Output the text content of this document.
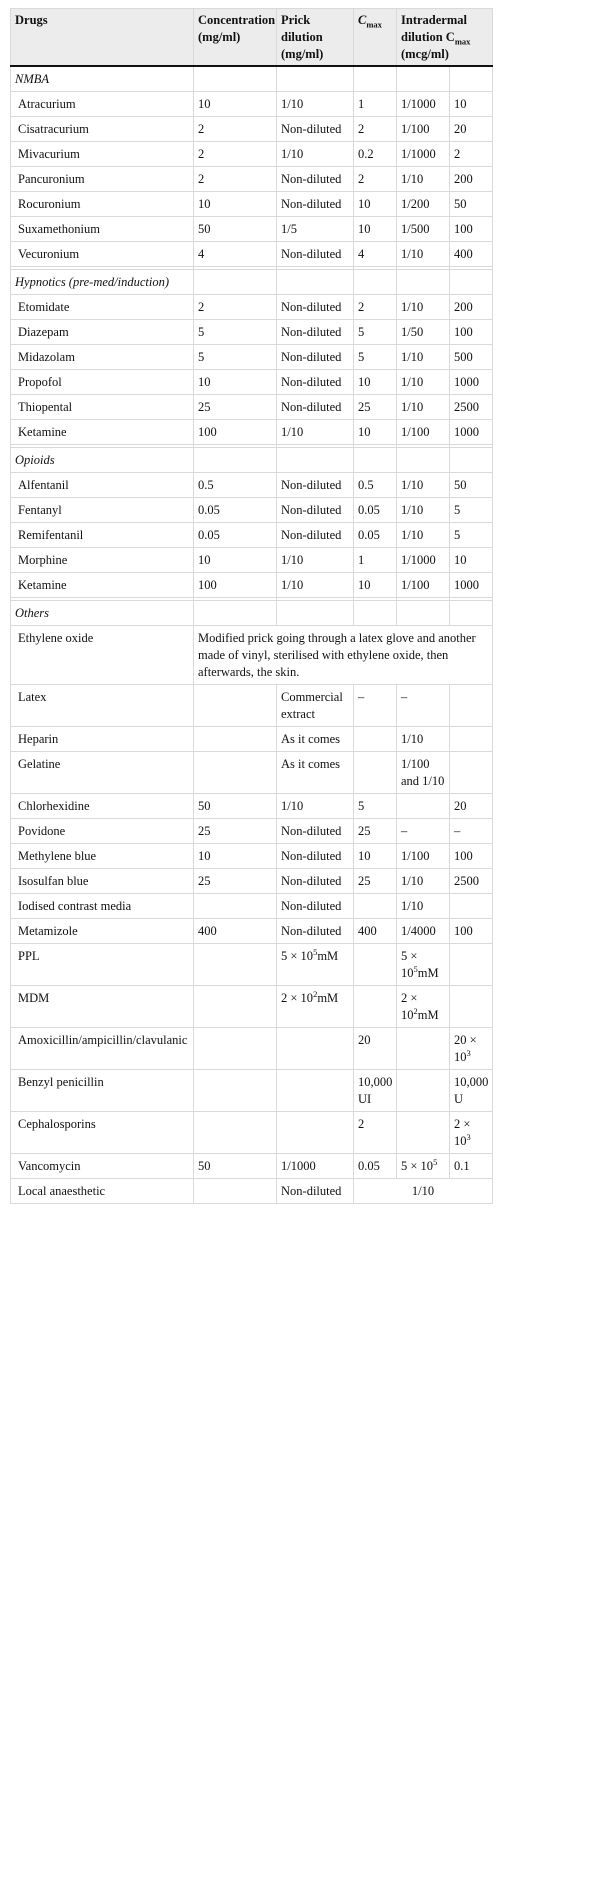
Drugs	Concentration (mg/ml)	Prick dilution (mg/ml)	$C_{max}$	Intradermal dilution $C_{max}$
(mcg/ml)	
NMBA					
Atracurium	10	1/10	1	1/1000	10
Cisatracurium	2	Non-diluted	2	1/100	20
Mivacurium	2	1/10	0.2	1/1000	2
Pancuronium	2	Non-diluted	2	1/10	200
Rocuronium	10	Non-diluted	10	1/200	50
Suxamethonium	50	1/5	10	1/500	100
Vecuronium	4	Non-diluted	4	1/10	400

Hypnotics (pre-med/induction)					
Etomidate	2	Non-diluted	2	1/10	200
Diazepam	5	Non-diluted	5	1/50	100
Midazolam	5	Non-diluted	5	1/10	500
Propofol	10	Non-diluted	10	1/10	1000
Thiopental	25	Non-diluted	25	1/10	2500
Ketamine	100	1/10	10	1/100	1000

Opioids					
Alfentanil	0.5	Non-diluted	0.5	1/10	50
Fentanyl	0.05	Non-diluted	0.05	1/10	5
Remifentanil	0.05	Non-diluted	0.05	1/10	5
Morphine	10	1/10	1	1/1000	10
Ketamine	100	1/10	10	1/100	1000

Others					
Ethylene oxide	Modified prick going through a latex glove and another made of vinyl, sterilised with ethylene oxide, then afterwards, the skin.				
Latex		Commercial extract	–	–	
Heparin		As it comes		1/10	
Gelatine		As it comes		1/100 and 1/10	
Chlorhexidine	50	1/10	5		20
Povidone	25	Non-diluted	25	–	–
Methylene blue	10	Non-diluted	10	1/100	100
Isosulfan blue	25	Non-diluted	25	1/10	2500
Iodised contrast media		Non-diluted		1/10	
Metamizole	400	Non-diluted	400	1/4000	100
PPL		$5 \times 10^5mM$		$5 \times 10^5mM$	
MDM		$2 \times 10^2mM$		$2 \times 10^2mM$	
Amoxicillin/ampicillin/clavulanic			20		$20 \times 10^3$
Benzyl penicillin			10,000 UI		10,000 U
Cephalosporins			2		$2 \times 10^3$
Vancomycin	50	1/1000	0.05	$5 \times 10^5$	0.1
Local anaesthetic		Non-diluted	1/10		
